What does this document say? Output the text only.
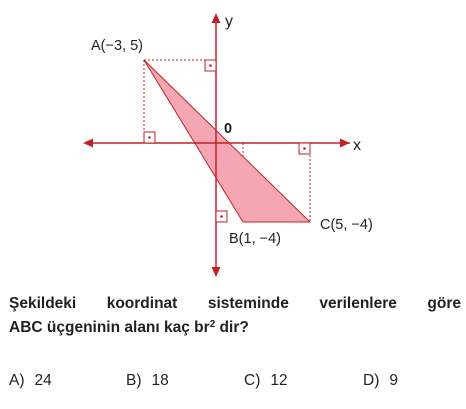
y
x
0
A(−3, 5)
B(1, −4)
C(5, −4)
Şekildeki koordinat sisteminde verilenlere göre
ABC üçgeninin alanı kaç $br^2$ dir?
A) 24	B) 18	C) 12	D) 9
